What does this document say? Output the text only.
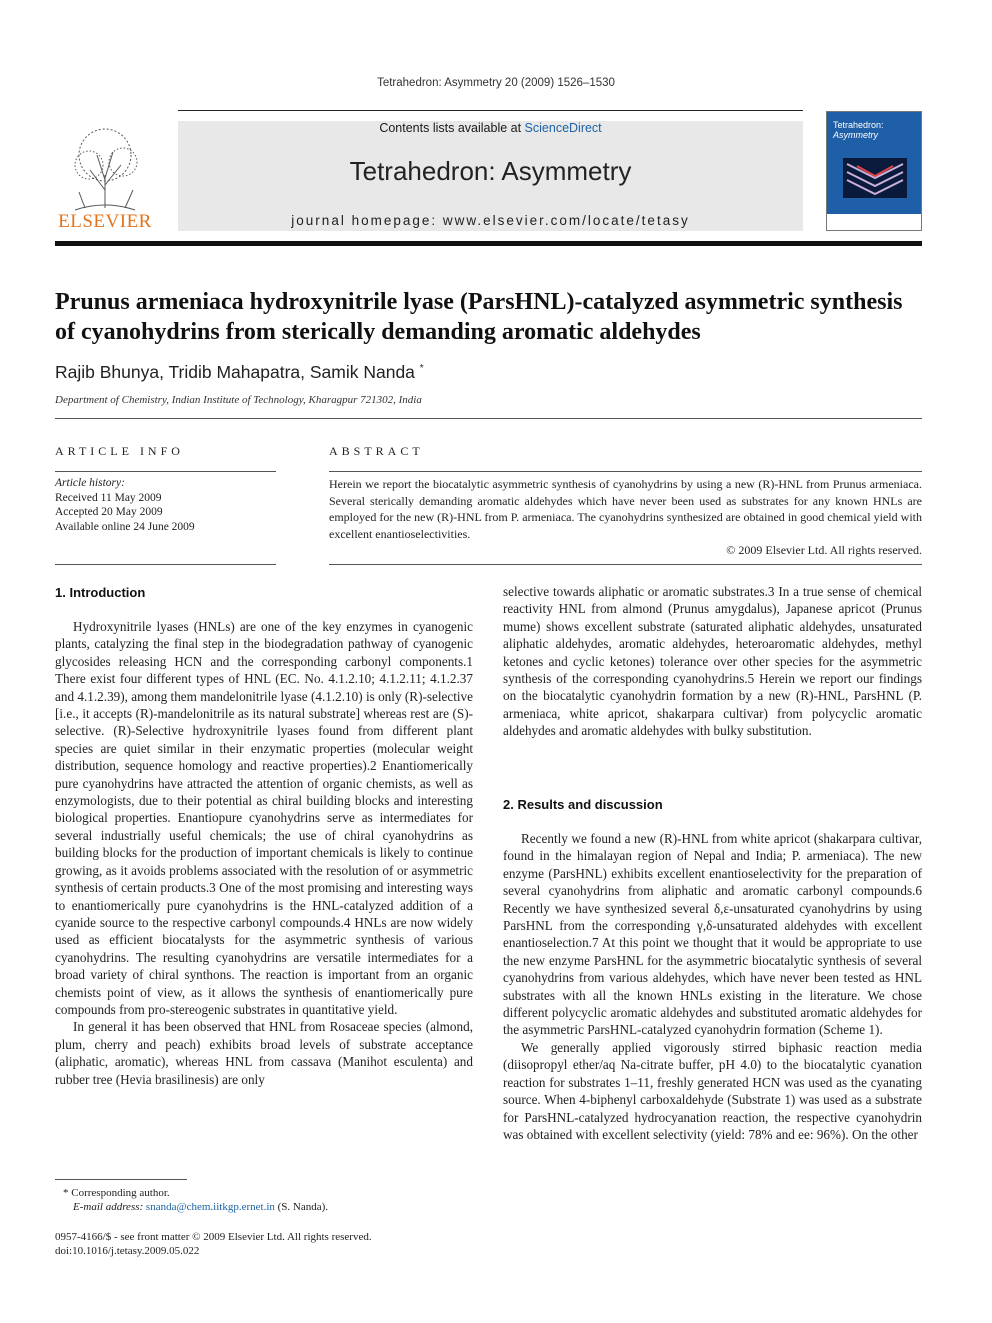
Tetrahedron: Asymmetry 20 (2009) 1526–1530
ELSEVIER
Contents lists available at ScienceDirect
Tetrahedron: Asymmetry
journal homepage: www.elsevier.com/locate/tetasy
Tetrahedron:
Asymmetry
Prunus armeniaca hydroxynitrile lyase (ParsHNL)-catalyzed asymmetric synthesis of cyanohydrins from sterically demanding aromatic aldehydes
Rajib Bhunya, Tridib Mahapatra, Samik Nanda *
Department of Chemistry, Indian Institute of Technology, Kharagpur 721302, India
ARTICLE INFO
Article history:
Received 11 May 2009
Accepted 20 May 2009
Available online 24 June 2009
ABSTRACT
Herein we report the biocatalytic asymmetric synthesis of cyanohydrins by using a new (R)-HNL from Prunus armeniaca. Several sterically demanding aromatic aldehydes which have never been used as substrates for any known HNLs are employed for the new (R)-HNL from P. armeniaca. The cyanohydrins synthesized are obtained in good chemical yield with excellent enantioselectivities.
© 2009 Elsevier Ltd. All rights reserved.
1. Introduction

Hydroxynitrile lyases (HNLs) are one of the key enzymes in cyanogenic plants, catalyzing the final step in the biodegradation pathway of cyanogenic glycosides releasing HCN and the corresponding carbonyl components.1 There exist four different types of HNL (EC. No. 4.1.2.10; 4.1.2.11; 4.1.2.37 and 4.1.2.39), among them mandelonitrile lyase (4.1.2.10) is only (R)-selective [i.e., it accepts (R)-mandelonitrile as its natural substrate] whereas rest are (S)-selective. (R)-Selective hydroxynitrile lyases found from different plant species are quiet similar in their enzymatic properties (molecular weight distribution, sequence homology and reactive properties).2 Enantiomerically pure cyanohydrins have attracted the attention of organic chemists, as well as enzymologists, due to their potential as chiral building blocks and interesting biological properties. Enantiopure cyanohydrins serve as intermediates for several industrially useful chemicals; the use of chiral cyanohydrins as building blocks for the production of important chemicals is likely to continue growing, as it avoids problems associated with the resolution of or asymmetric synthesis of certain products.3 One of the most promising and interesting ways to enantiomerically pure cyanohydrins is the HNL-catalyzed addition of a cyanide source to the respective carbonyl compounds.4 HNLs are now widely used as efficient biocatalysts for the asymmetric synthesis of various cyanohydrins. The resulting cyanohydrins are versatile intermediates for a broad variety of chiral synthons. The reaction is important from an organic chemists point of view, as it allows the synthesis of enantiomerically pure compounds from pro-stereogenic substrates in quantitative yield.

In general it has been observed that HNL from Rosaceae species (almond, plum, cherry and peach) exhibits broad levels of substrate acceptance (aliphatic, aromatic), whereas HNL from cassava (Manihot esculenta) and rubber tree (Hevia brasilinesis) are only

selective towards aliphatic or aromatic substrates.3 In a true sense of chemical reactivity HNL from almond (Prunus amygdalus), Japanese apricot (Prunus mume) shows excellent substrate (saturated aliphatic aldehydes, unsaturated aliphatic aldehydes, aromatic aldehydes, heteroaromatic aldehydes, methyl ketones and cyclic ketones) tolerance over other species for the asymmetric synthesis of the corresponding cyanohydrins.5 Herein we report our findings on the biocatalytic cyanohydrin formation by a new (R)-HNL, ParsHNL (P. armeniaca, white apricot, shakarpara cultivar) from polycyclic aromatic aldehydes and aromatic aldehydes with bulky substitution.

2. Results and discussion

Recently we found a new (R)-HNL from white apricot (shakarpara cultivar, found in the himalayan region of Nepal and India; P. armeniaca). The new enzyme (ParsHNL) exhibits excellent enantioselectivity for the preparation of several cyanohydrins from aliphatic and aromatic carbonyl compounds.6 Recently we have synthesized several δ,ε-unsaturated cyanohydrins by using ParsHNL from the corresponding γ,δ-unsaturated aldehydes with excellent enantioselection.7 At this point we thought that it would be appropriate to use the new enzyme ParsHNL for the asymmetric biocatalytic synthesis of several cyanohydrins from various aldehydes, which have never been tested as HNL substrates with all the known HNLs existing in the literature. We chose different polycyclic aromatic aldehydes and substituted aromatic aldehydes for the asymmetric ParsHNL-catalyzed cyanohydrin formation (Scheme 1).

We generally applied vigorously stirred biphasic reaction media (diisopropyl ether/aq Na-citrate buffer, pH 4.0) to the biocatalytic cyanation reaction for substrates 1–11, freshly generated HCN was used as the cyanating source. When 4-biphenyl carboxaldehyde (Substrate 1) was used as a substrate for ParsHNL-catalyzed hydrocyanation reaction, the respective cyanohydrin was obtained with excellent selectivity (yield: 78% and ee: 96%). On the other

* Corresponding author.
E-mail address: snanda@chem.iitkgp.ernet.in (S. Nanda).
0957-4166/$ - see front matter © 2009 Elsevier Ltd. All rights reserved.
doi:10.1016/j.tetasy.2009.05.022
